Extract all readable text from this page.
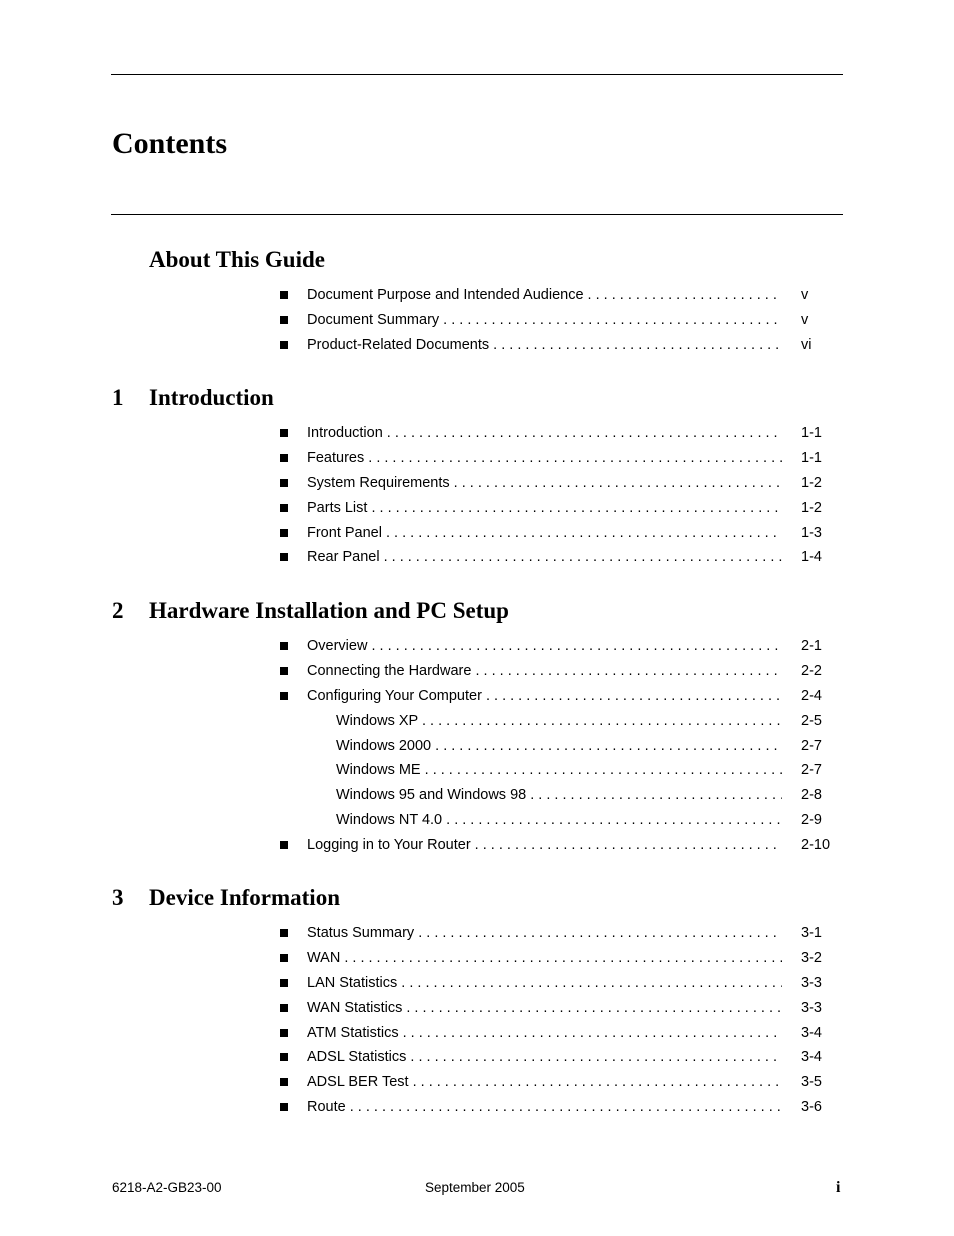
Contents
About This Guide
Document Purpose and Intended Audience . . .	v
Document Summary . . .	v
Product-Related Documents . . .	vi
1 Introduction
Introduction . . .	1-1
Features . . .	1-1
System Requirements . . .	1-2
Parts List . . .	1-2
Front Panel . . .	1-3
Rear Panel . . .	1-4
2 Hardware Installation and PC Setup
Overview . . .	2-1
Connecting the Hardware . . .	2-2
Configuring Your Computer . . .	2-4
Windows XP . . .	2-5
Windows 2000 . . .	2-7
Windows ME . . .	2-7
Windows 95 and Windows 98 . . .	2-8
Windows NT 4.0 . . .	2-9
Logging in to Your Router . . .	2-10
3 Device Information
Status Summary . . .	3-1
WAN . . .	3-2
LAN Statistics . . .	3-3
WAN Statistics . . .	3-3
ATM Statistics . . .	3-4
ADSL Statistics . . .	3-4
ADSL BER Test . . .	3-5
Route . . .	3-6
6218-A2-GB23-00	September 2005	i
